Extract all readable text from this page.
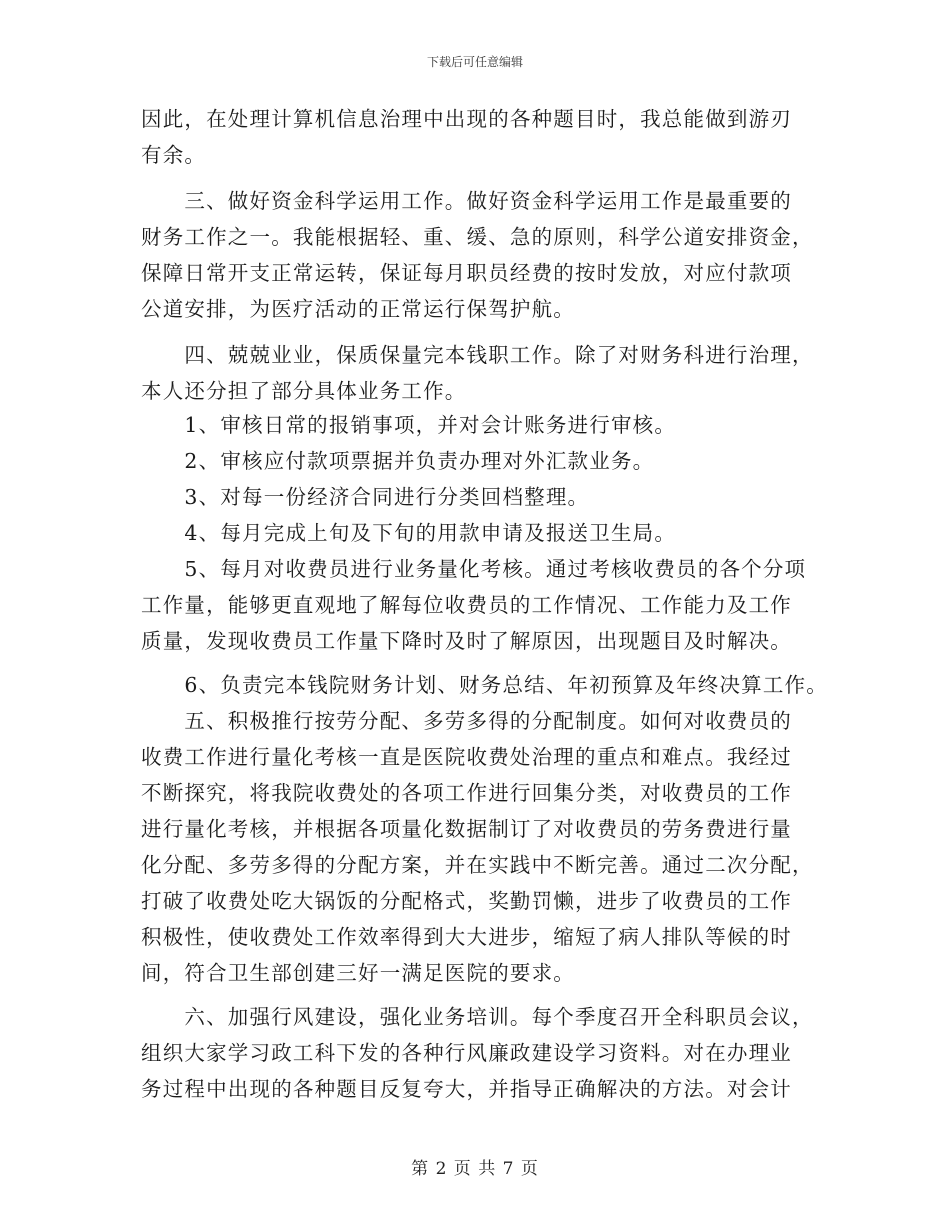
下载后可任意编辑
因此，在处理计算机信息治理中出现的各种题目时，我总能做到游刃
有余。
　　三、做好资金科学运用工作。做好资金科学运用工作是最重要的
财务工作之一。我能根据轻、重、缓、急的原则，科学公道安排资金，
保障日常开支正常运转，保证每月职员经费的按时发放，对应付款项
公道安排，为医疗活动的正常运行保驾护航。
　　四、兢兢业业，保质保量完本钱职工作。除了对财务科进行治理，
本人还分担了部分具体业务工作。
　　1、审核日常的报销事项，并对会计账务进行审核。
　　2、审核应付款项票据并负责办理对外汇款业务。
　　3、对每一份经济合同进行分类回档整理。
　　4、每月完成上旬及下旬的用款申请及报送卫生局。
　　5、每月对收费员进行业务量化考核。通过考核收费员的各个分项
工作量，能够更直观地了解每位收费员的工作情况、工作能力及工作
质量，发现收费员工作量下降时及时了解原因，出现题目及时解决。
　　6、负责完本钱院财务计划、财务总结、年初预算及年终决算工作。
　　五、积极推行按劳分配、多劳多得的分配制度。如何对收费员的
收费工作进行量化考核一直是医院收费处治理的重点和难点。我经过
不断探究，将我院收费处的各项工作进行回集分类，对收费员的工作
进行量化考核，并根据各项量化数据制订了对收费员的劳务费进行量
化分配、多劳多得的分配方案，并在实践中不断完善。通过二次分配，
打破了收费处吃大锅饭的分配格式，奖勤罚懒，进步了收费员的工作
积极性，使收费处工作效率得到大大进步，缩短了病人排队等候的时
间，符合卫生部创建三好一满足医院的要求。
　　六、加强行风建设，强化业务培训。每个季度召开全科职员会议，
组织大家学习政工科下发的各种行风廉政建设学习资料。对在办理业
务过程中出现的各种题目反复夸大，并指导正确解决的方法。对会计
第 2 页 共 7 页
